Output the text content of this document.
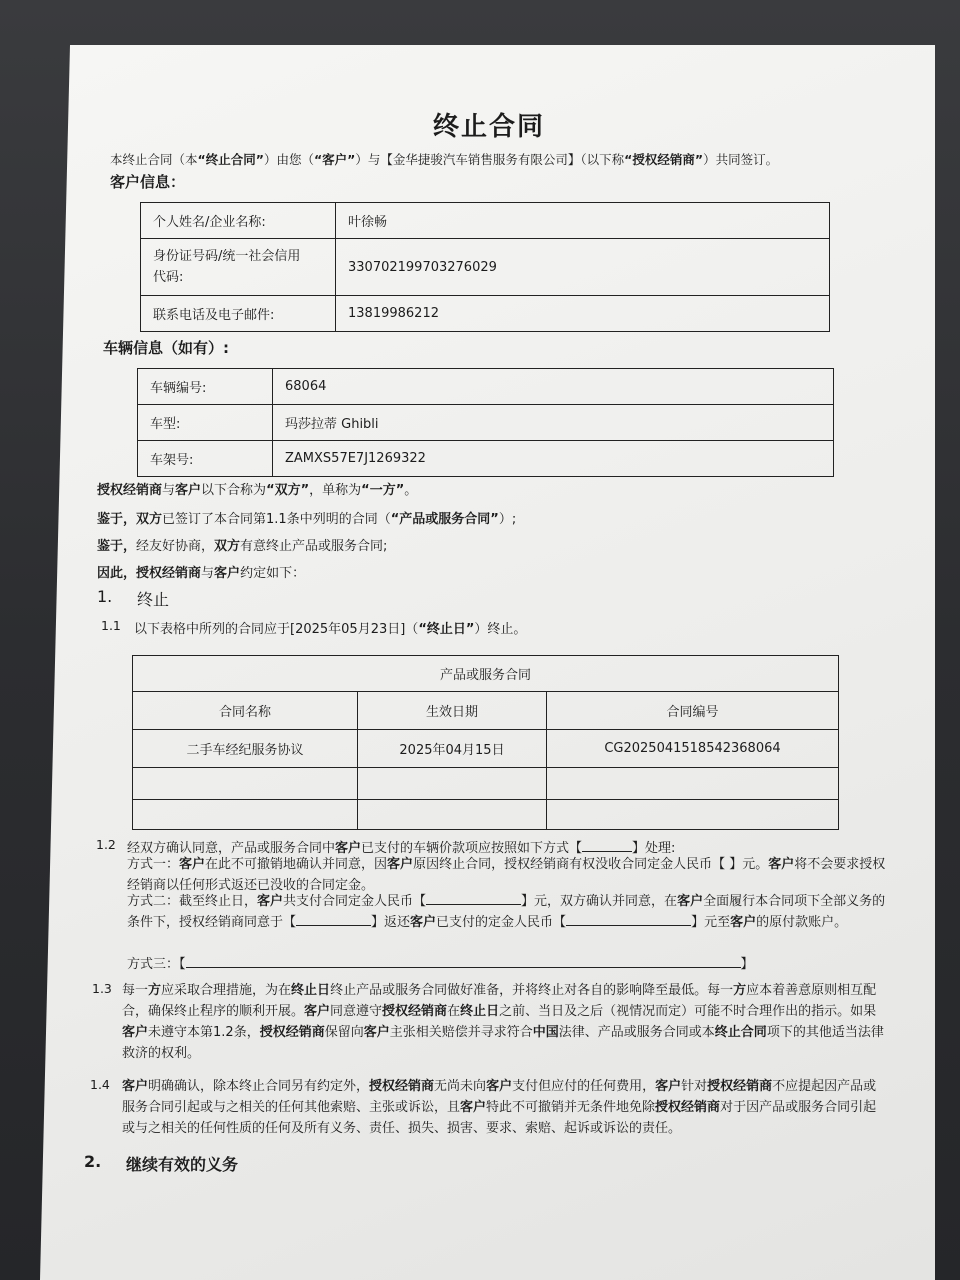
终止合同
本终止合同（本“终止合同”）由您（“客户”）与【金华捷骏汽车销售服务有限公司】（以下称“授权经销商”）共同签订。
客户信息：
个人姓名/企业名称:	叶徐畅
身份证号码/统一社会信用
代码:	330702199703276029
联系电话及电子邮件:	13819986212
车辆信息（如有）:
车辆编号:	68064
车型:	玛莎拉蒂 Ghibli
车架号:	ZAMXS57E7J1269322
授权经销商与客户以下合称为“双方”，单称为“一方”。
鉴于，双方已签订了本合同第1.1条中列明的合同（“产品或服务合同”）;
鉴于，经友好协商，双方有意终止产品或服务合同;
因此，授权经销商与客户约定如下：
1. 终止
1.1 以下表格中所列的合同应于[2025年05月23日]（“终止日”）终止。
产品或服务合同		
合同名称	生效日期	合同编号
二手车经纪服务协议	2025年04月15日	CG2025041518542368064

1.2 经双方确认同意，产品或服务合同中客户已支付的车辆价款项应按照如下方式【	】处理:
方式一：客户在此不可撤销地确认并同意，因客户原因终止合同，授权经销商有权没收合同定金人民币【 】元。客户将不会要求授权经销商以任何形式返还已没收的合同定金。
方式二：截至终止日，客户共支付合同定金人民币【	】元，双方确认并同意，在客户全面履行本合同项下全部义务的条件下，授权经销商同意于【	】返还客户已支付的定金人民币【	】元至客户的原付款账户。
方式三：【	】
1.3 每一方应采取合理措施，为在终止日终止产品或服务合同做好准备，并将终止对各自的影响降至最低。每一方应本着善意原则相互配合，确保终止程序的顺利开展。客户同意遵守授权经销商在终止日之前、当日及之后（视情况而定）可能不时合理作出的指示。如果客户未遵守本第1.2条，授权经销商保留向客户主张相关赔偿并寻求符合中国法律、产品或服务合同或本终止合同项下的其他适当法律救济的权利。
1.4 客户明确确认，除本终止合同另有约定外，授权经销商无尚未向客户支付但应付的任何费用，客户针对授权经销商不应提起因产品或服务合同引起或与之相关的任何其他索赔、主张或诉讼，且客户特此不可撤销并无条件地免除授权经销商对于因产品或服务合同引起或与之相关的任何性质的任何及所有义务、责任、损失、损害、要求、索赔、起诉或诉讼的责任。
2. 继续有效的义务
